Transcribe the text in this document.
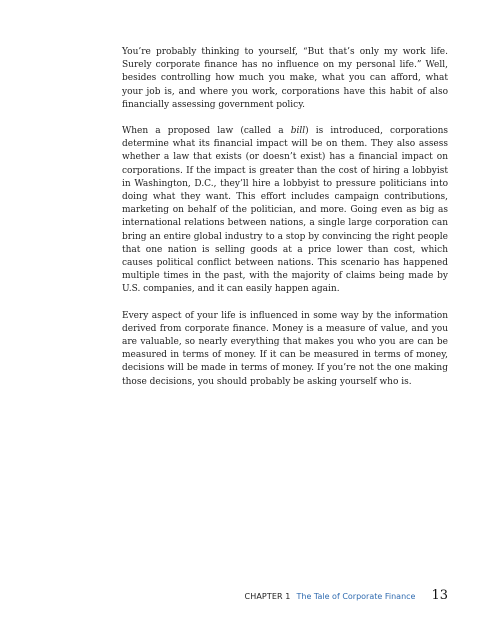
You’re probably thinking to yourself, “But that’s only my work life. Surely corporate finance has no influence on my personal life.” Well, besides controlling how much you make, what you can afford, what your job is, and where you work, corporations have this habit of also financially assessing government policy.

When a proposed law (called a bill) is introduced, corporations determine what its financial impact will be on them. They also assess whether a law that exists (or doesn’t exist) has a financial impact on corporations. If the impact is greater than the cost of hiring a lobbyist in Washington, D.C., they’ll hire a lobbyist to pressure politicians into doing what they want. This effort includes campaign contributions, marketing on behalf of the politician, and more. Going even as big as international relations between nations, a single large corporation can bring an entire global industry to a stop by convincing the right people that one nation is selling goods at a price lower than cost, which causes political conflict between nations. This scenario has happened multiple times in the past, with the majority of claims being made by U.S. companies, and it can easily happen again.

Every aspect of your life is influenced in some way by the information derived from corporate finance. Money is a measure of value, and you are valuable, so nearly everything that makes you who you are can be measured in terms of money. If it can be measured in terms of money, decisions will be made in terms of money. If you’re not the one making those decisions, you should probably be asking yourself who is.

CHAPTER 1 The Tale of Corporate Finance 13
